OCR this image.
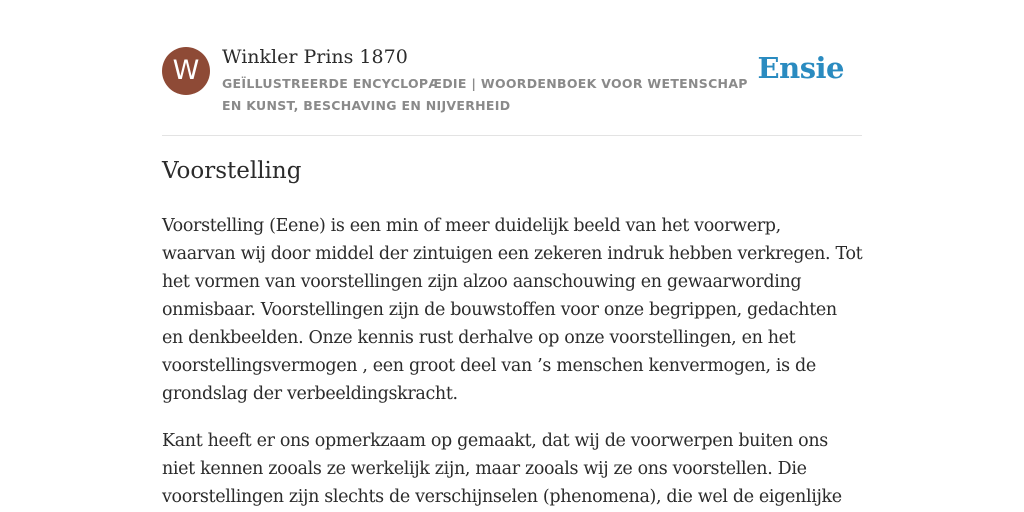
W	Winkler Prins 1870
GEÏLLUSTREERDE ENCYCLOPÆDIE | WOORDENBOEK VOOR WETENSCHAP EN KUNST, BESCHAVING EN NIJVERHEID
Ensie
Voorstelling

Voorstelling (Eene) is een min of meer duidelijk beeld van het voorwerp,
waarvan wij door middel der zintuigen een zekeren indruk hebben verkregen. Tot
het vormen van voorstellingen zijn alzoo aanschouwing en gewaarwording
onmisbaar. Voorstellingen zijn de bouwstoffen voor onze begrippen, gedachten
en denkbeelden. Onze kennis rust derhalve op onze voorstellingen, en het
voorstellingsvermogen , een groot deel van ’s menschen kenvermogen, is de
grondslag der verbeeldingskracht.

Kant heeft er ons opmerkzaam op gemaakt, dat wij de voorwerpen buiten ons
niet kennen zooals ze werkelijk zijn, maar zooals wij ze ons voorstellen. Die
voorstellingen zijn slechts de verschijnselen (phenomena), die wel de eigenlijke
